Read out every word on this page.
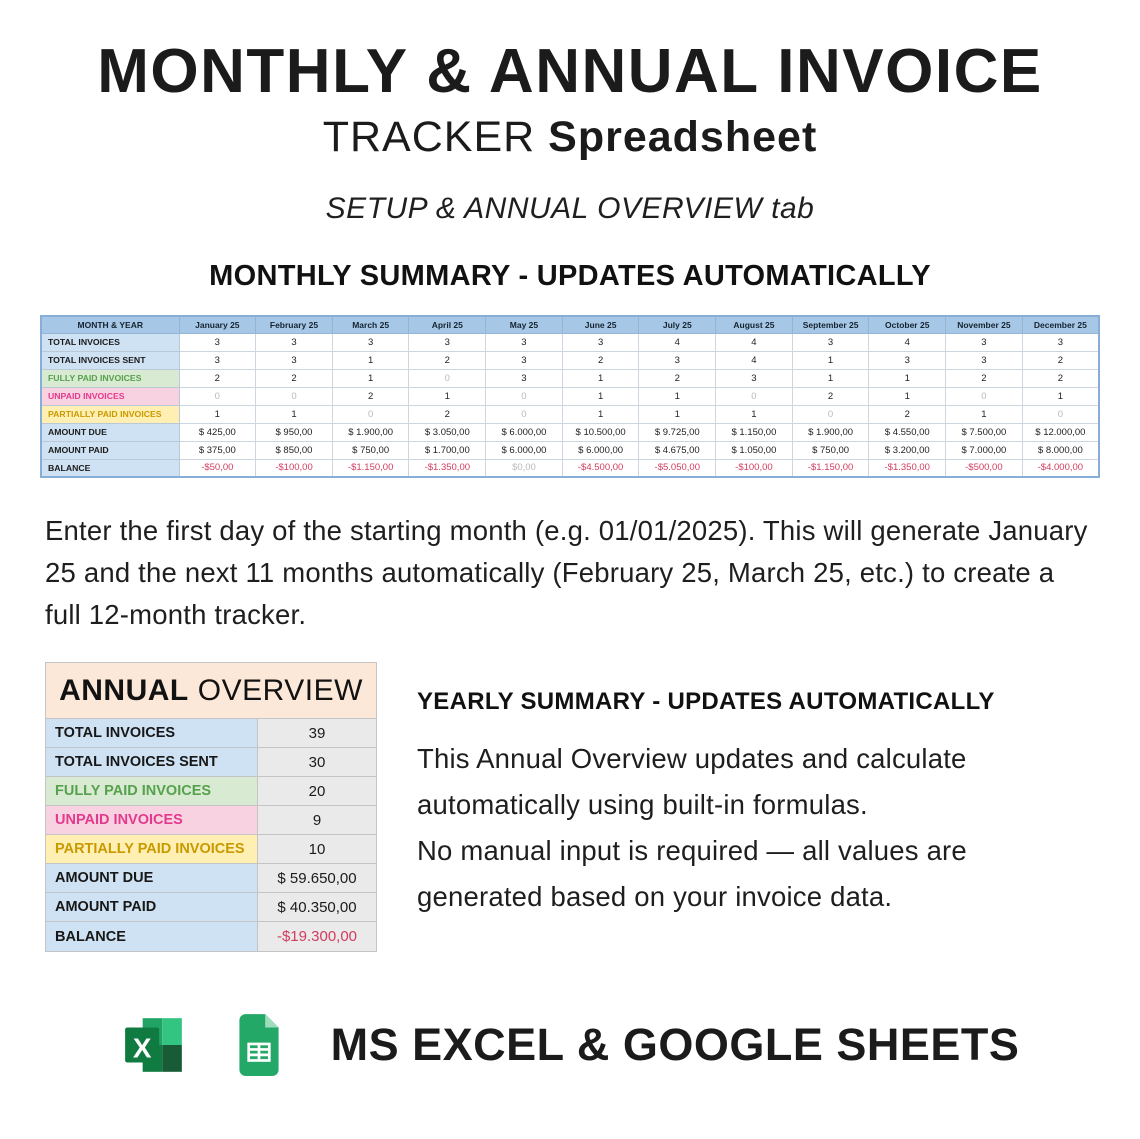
MONTHLY & ANNUAL INVOICE
TRACKER Spreadsheet
SETUP & ANNUAL OVERVIEW tab
MONTHLY SUMMARY - UPDATES AUTOMATICALLY
MONTH & YEAR	January 25	February 25	March 25	April 25	May 25	June 25	July 25	August 25	September 25	October 25	November 25	December 25
TOTAL INVOICES	3	3	3	3	3	3	4	4	3	4	3	3
TOTAL INVOICES SENT	3	3	1	2	3	2	3	4	1	3	3	2
FULLY PAID INVOICES	2	2	1	0	3	1	2	3	1	1	2	2
UNPAID INVOICES	0	0	2	1	0	1	1	0	2	1	0	1
PARTIALLY PAID INVOICES	1	1	0	2	0	1	1	1	0	2	1	0
AMOUNT DUE	$ 425,00	$ 950,00	$ 1.900,00	$ 3.050,00	$ 6.000,00	$ 10.500,00	$ 9.725,00	$ 1.150,00	$ 1.900,00	$ 4.550,00	$ 7.500,00	$ 12.000,00
AMOUNT PAID	$ 375,00	$ 850,00	$ 750,00	$ 1.700,00	$ 6.000,00	$ 6.000,00	$ 4.675,00	$ 1.050,00	$ 750,00	$ 3.200,00	$ 7.000,00	$ 8.000,00
BALANCE	-$50,00	-$100,00	-$1.150,00	-$1.350,00	$0,00	-$4.500,00	-$5.050,00	-$100,00	-$1.150,00	-$1.350,00	-$500,00	-$4.000,00

Enter the first day of the starting month (e.g. 01/01/2025). This will generate January 25 and the next 11 months automatically (February 25, March 25, etc.) to create a full 12-month tracker.

ANNUAL OVERVIEW
TOTAL INVOICES	39
TOTAL INVOICES SENT	30
FULLY PAID INVOICES	20
UNPAID INVOICES	9
PARTIALLY PAID INVOICES	10
AMOUNT DUE	$ 59.650,00
AMOUNT PAID	$ 40.350,00
BALANCE	-$19.300,00
YEARLY SUMMARY - UPDATES AUTOMATICALLY

This Annual Overview updates and calculate automatically using built-in formulas.

No manual input is required — all values are generated based on your invoice data.

X	MS EXCEL & GOOGLE SHEETS
